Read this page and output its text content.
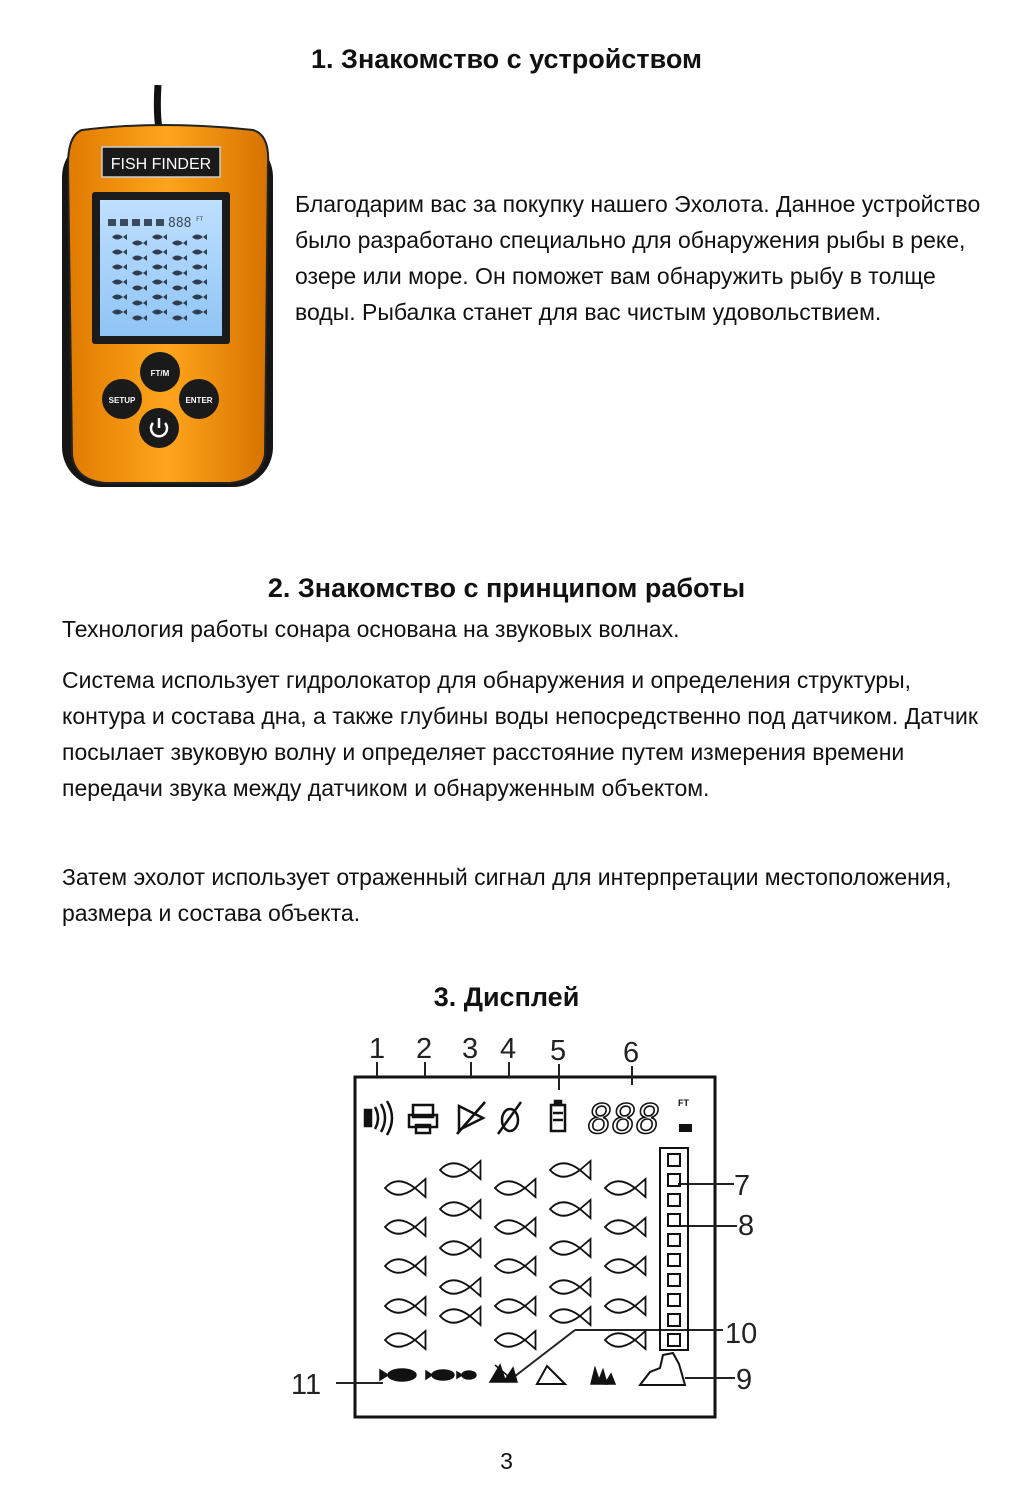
1. Знакомство с устройством
FISH FINDER
888 FT
FT/M
SETUP	ENTER
Благодарим вас за покупку нашего Эхолота. Данное устройство было разработано специально для обнаружения рыбы в реке, озере или море. Он поможет вам обнаружить рыбу в толще воды. Рыбалка станет для вас чистым удовольствием.
2. Знакомство с принципом работы
Технология работы сонара основана на звуковых волнах.
Система использует гидролокатор для обнаружения и определения структуры, контура и состава дна, а также глубины воды непосредственно под датчиком. Датчик посылает звуковую волну и определяет расстояние путем измерения времени передачи звука между датчиком и обнаруженным объектом.
Затем эхолот использует отраженный сигнал для интерпретации местоположения, размера и состава объекта.
3. Дисплей
1 2 3 4 5 6
7
8
9
10
11
888 FT
3
